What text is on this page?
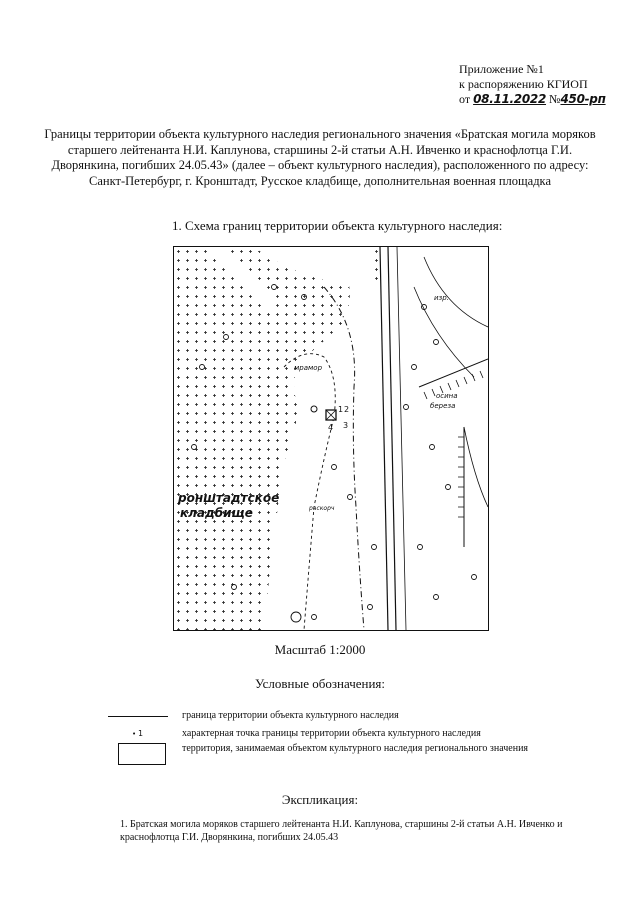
Приложение №1
к распоряжению КГИОП
от 08.11.2022 №450-рп
Границы территории объекта культурного наследия регионального значения «Братская могила моряков старшего лейтенанта Н.И. Каплунова, старшины 2-й статьи А.Н. Ивченко и краснофлотца Г.И. Дворянкина, погибших 24.05.43» (далее – объект культурного наследия), расположенного по адресу: Санкт-Петербург, г. Кронштадт, Русское кладбище, дополнительная военная площадка
1. Схема границ территории объекта культурного наследия:
ронштадтское
кладбище
мрамор
береза
осина
раскорч
изр.
1 2
3
4
Масштаб 1:2000
Условные обозначения:
граница территории объекта культурного наследия
• 1	характерная точка границы территории объекта культурного наследия
территория, занимаемая объектом культурного наследия регионального значения
Экспликация:
1. Братская могила моряков старшего лейтенанта Н.И. Каплунова, старшины 2-й статьи А.Н. Ивченко и краснофлотца Г.И. Дворянкина, погибших 24.05.43
